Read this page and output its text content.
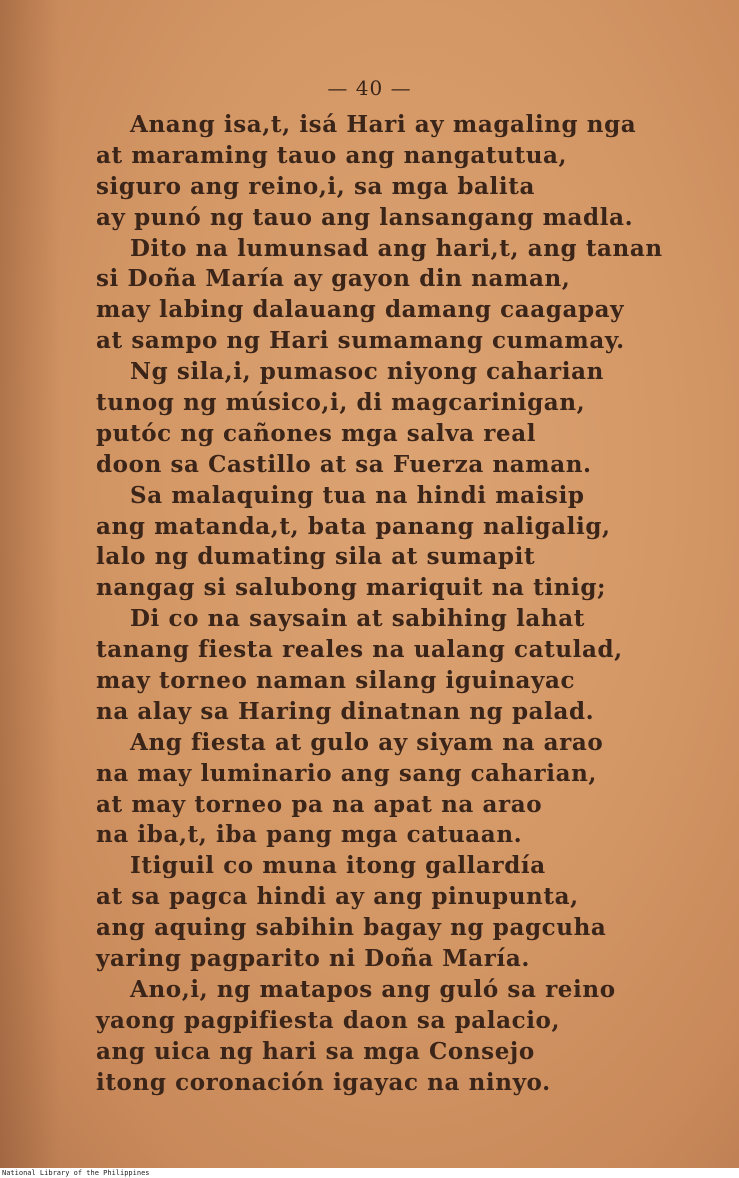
— 40 —
Anang isa,t, isá Hari ay magaling nga
at maraming tauo ang nangatutua,
siguro ang reino,i, sa mga balita
ay punó ng tauo ang lansangang madla.
Dito na lumunsad ang hari,t, ang tanan
si Doña María ay gayon din naman,
may labing dalauang damang caagapay
at sampo ng Hari sumamang cumamay.
Ng sila,i, pumasoc niyong caharian
tunog ng músico,i, di magcarinigan,
putóc ng cañones mga salva real
doon sa Castillo at sa Fuerza naman.
Sa malaquing tua na hindi maisip
ang matanda,t, bata panang naligalig,
lalo ng dumating sila at sumapit
nangag si salubong mariquit na tinig;
Di co na saysain at sabihing lahat
tanang fiesta reales na ualang catulad,
may torneo naman silang iguinayac
na alay sa Haring dinatnan ng palad.
Ang fiesta at gulo ay siyam na arao
na may luminario ang sang caharian,
at may torneo pa na apat na arao
na iba,t, iba pang mga catuaan.
Itiguil co muna itong gallardía
at sa pagca hindi ay ang pinupunta,
ang aquing sabihin bagay ng pagcuha
yaring pagparito ni Doña María.
Ano,i, ng matapos ang guló sa reino
yaong pagpifiesta daon sa palacio,
ang uica ng hari sa mga Consejo
itong coronación igayac na ninyo.
National Library of the Philippines
